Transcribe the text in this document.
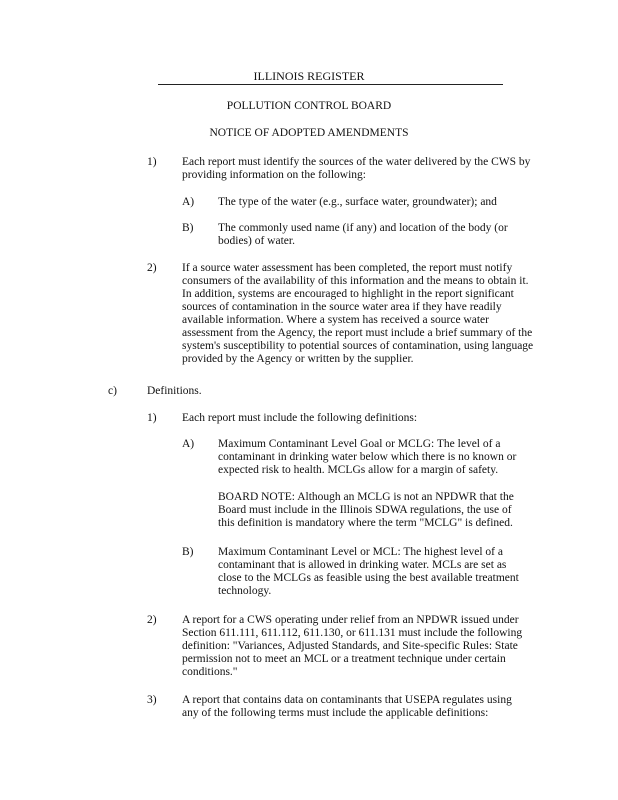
ILLINOIS REGISTER
POLLUTION CONTROL BOARD
NOTICE OF ADOPTED AMENDMENTS
1) Each report must identify the sources of the water delivered by the CWS by
providing information on the following:
A) The type of the water (e.g., surface water, groundwater); and
B) The commonly used name (if any) and location of the body (or
bodies) of water.
2) If a source water assessment has been completed, the report must notify
consumers of the availability of this information and the means to obtain it.
In addition, systems are encouraged to highlight in the report significant
sources of contamination in the source water area if they have readily
available information. Where a system has received a source water
assessment from the Agency, the report must include a brief summary of the
system's susceptibility to potential sources of contamination, using language
provided by the Agency or written by the supplier.
c)	Definitions.
1) Each report must include the following definitions:
A) Maximum Contaminant Level Goal or MCLG: The level of a
contaminant in drinking water below which there is no known or
expected risk to health. MCLGs allow for a margin of safety.
BOARD NOTE: Although an MCLG is not an NPDWR that the
Board must include in the Illinois SDWA regulations, the use of
this definition is mandatory where the term "MCLG" is defined.
B) Maximum Contaminant Level or MCL: The highest level of a
contaminant that is allowed in drinking water. MCLs are set as
close to the MCLGs as feasible using the best available treatment
technology.
2) A report for a CWS operating under relief from an NPDWR issued under
Section 611.111, 611.112, 611.130, or 611.131 must include the following
definition: "Variances, Adjusted Standards, and Site-specific Rules: State
permission not to meet an MCL or a treatment technique under certain
conditions."
3) A report that contains data on contaminants that USEPA regulates using
any of the following terms must include the applicable definitions:
